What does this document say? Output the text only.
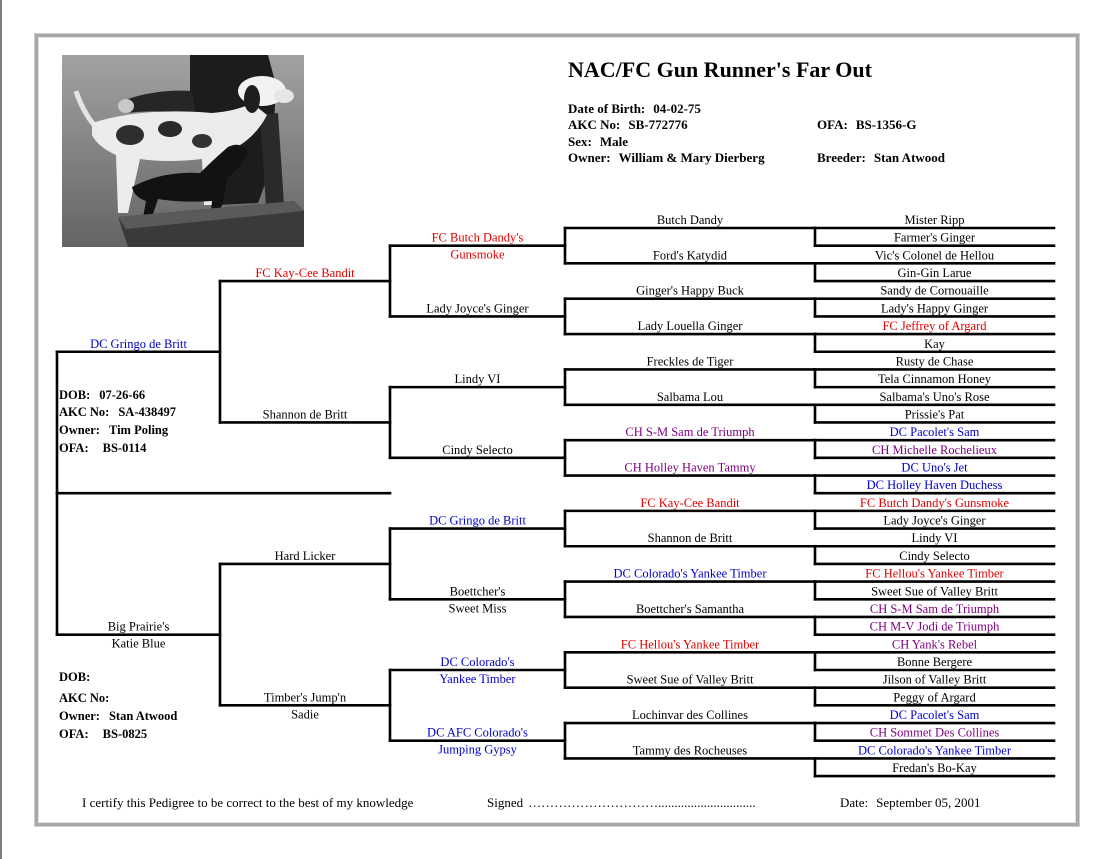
NAC/FC Gun Runner's Far Out
Date of Birth: 04-02-75
AKC No: SB-772776	OFA: BS-1356-G
Sex: Male
Owner: William & Mary Dierberg	Breeder: Stan Atwood
DOB: 07-26-66
AKC No: SA-438497
Owner: Tim Poling
OFA: BS-0114
DOB:
AKC No:
Owner: Stan Atwood
OFA: BS-0825
DC Gringo de Britt
Big Prairie's
Katie Blue
FC Kay-Cee Bandit
Shannon de Britt
Hard Licker
Timber's Jump'n
Sadie
FC Butch Dandy's
Gunsmoke
Lady Joyce's Ginger
Lindy VI
Cindy Selecto
DC Gringo de Britt
Boettcher's
Sweet Miss
DC Colorado's
Yankee Timber
DC AFC Colorado's
Jumping Gypsy
Butch Dandy
Ford's Katydid
Ginger's Happy Buck
Lady Louella Ginger
Freckles de Tiger
Salbama Lou
CH S-M Sam de Triumph
CH Holley Haven Tammy
FC Kay-Cee Bandit
Shannon de Britt
DC Colorado's Yankee Timber
Boettcher's Samantha
FC Hellou's Yankee Timber
Sweet Sue of Valley Britt
Lochinvar des Collines
Tammy des Rocheuses
Mister Ripp
Farmer's Ginger
Vic's Colonel de Hellou
Gin-Gin Larue
Sandy de Cornouaille
Lady's Happy Ginger
FC Jeffrey of Argard
Kay
Rusty de Chase
Tela Cinnamon Honey
Salbama's Uno's Rose
Prissie's Pat
DC Pacolet's Sam
CH Michelle Rochelieux
DC Uno's Jet
DC Holley Haven Duchess
FC Butch Dandy's Gunsmoke
Lady Joyce's Ginger
Lindy VI
Cindy Selecto
FC Hellou's Yankee Timber
Sweet Sue of Valley Britt
CH S-M Sam de Triumph
CH M-V Jodi de Triumph
CH Yank's Rebel
Bonne Bergere
Jilson of Valley Britt
Peggy of Argard
DC Pacolet's Sam
CH Sommet Des Collines
DC Colorado's Yankee Timber
Fredan's Bo-Kay
I certify this Pedigree to be correct to the best of my knowledge	Signed …………………………..............................	Date: September 05, 2001
